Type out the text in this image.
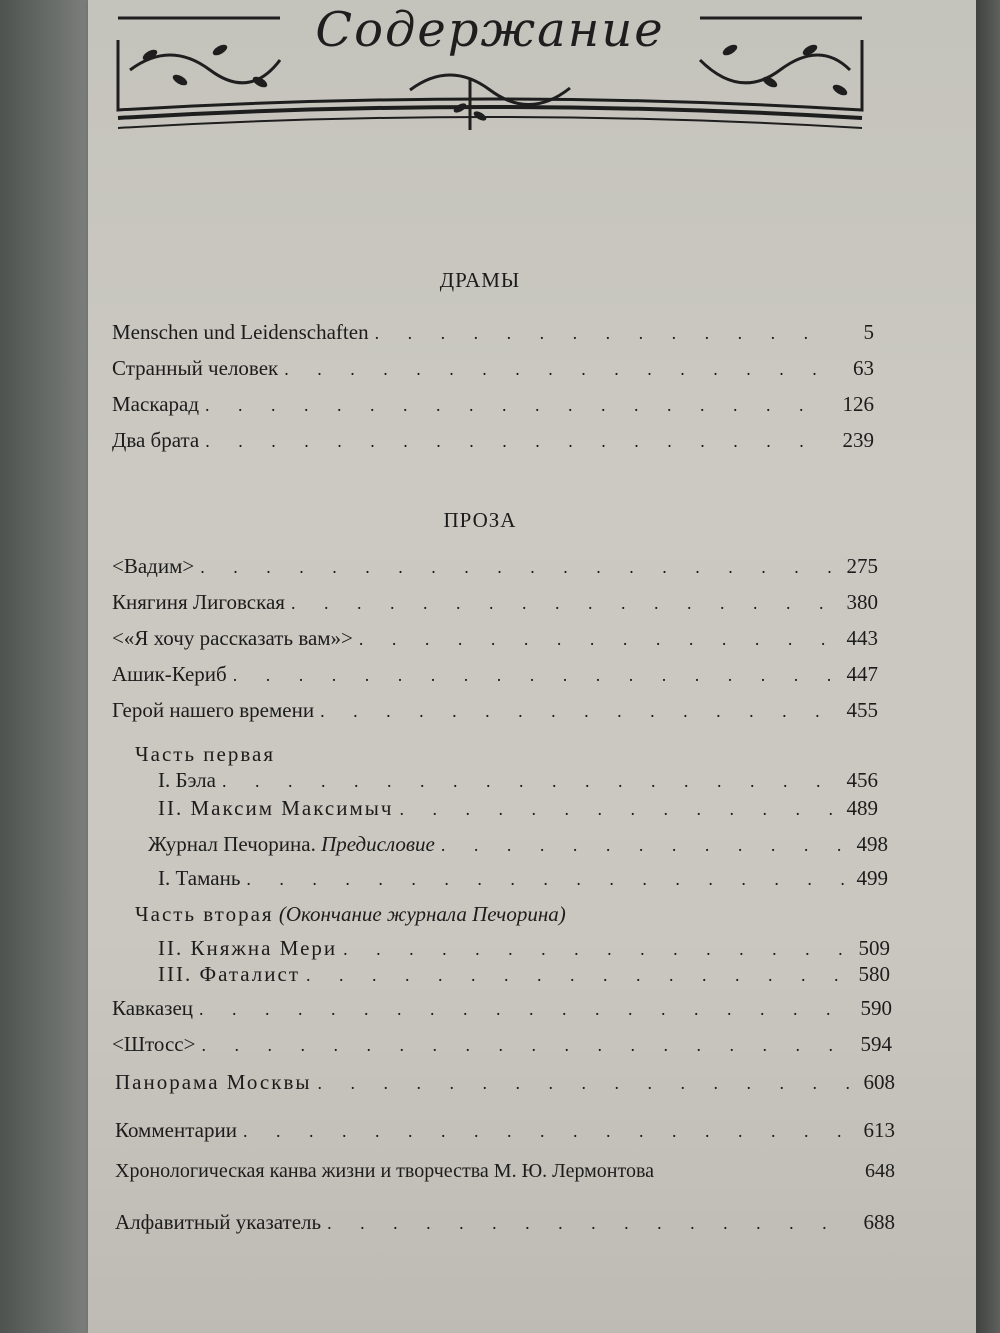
Содержание
ДРАМЫ
Menschen und Leidenschaften . . .	5
Странный человек . . .	63
Маскарад . . .	126
Два брата . . .	239
ПРОЗА
<Вадим> . . .	275
Княгиня Лиговская . . .	380
<«Я хочу рассказать вам»> . . .	443
Ашик-Кериб . . .	447
Герой нашего времени . . .	455
Часть первая
I. Бэла . . .	456
II. Максим Максимыч . . .	489
Журнал Печорина. Предисловие . . .	498
I. Тамань . . .	499
Часть вторая (Окончание журнала Печорина)
II. Княжна Мери . . .	509
III. Фаталист . . .	580
Кавказец . . .	590
<Штосс> . . .	594
Панорама Москвы . . .	608
Комментарии . . .	613
Хронологическая канва жизни и творчества М. Ю. Лермонтова	648
Алфавитный указатель . . .	688
